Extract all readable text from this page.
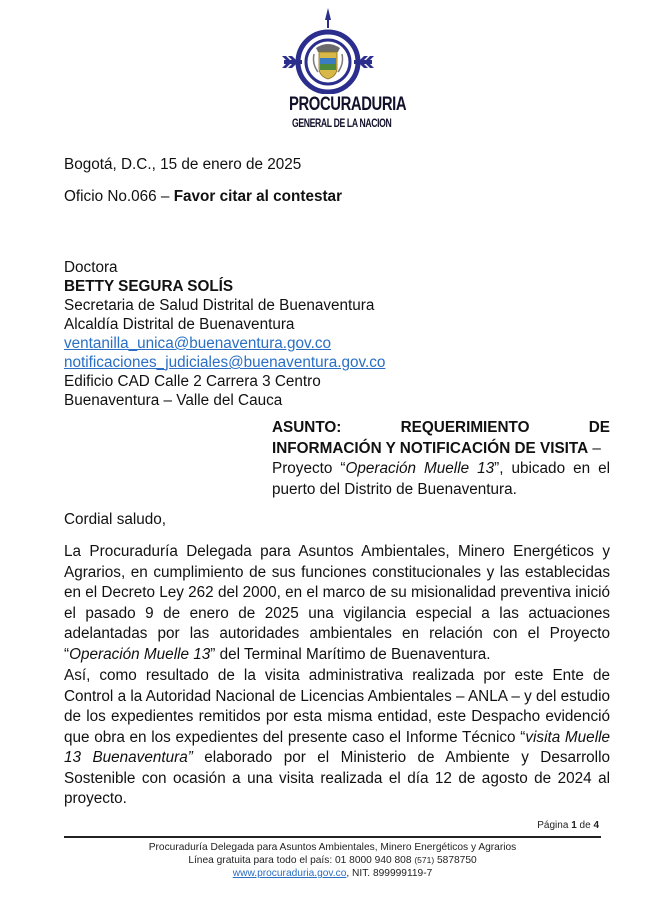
PROCURADURIA
GENERAL DE LA NACION
Bogotá, D.C., 15 de enero de 2025
Oficio No.066 – Favor citar al contestar
Doctora
BETTY SEGURA SOLÍS
Secretaria de Salud Distrital de Buenaventura
Alcaldía Distrital de Buenaventura
ventanilla_unica@buenaventura.gov.co
notificaciones_judiciales@buenaventura.gov.co
Edificio CAD Calle 2 Carrera 3 Centro
Buenaventura – Valle del Cauca
ASUNTO:	REQUERIMIENTO	DE
INFORMACIÓN Y NOTIFICACIÓN DE VISITA –
Proyecto “Operación Muelle 13”, ubicado en el puerto del Distrito de Buenaventura.
Cordial saludo,
La Procuraduría Delegada para Asuntos Ambientales, Minero Energéticos y Agrarios, en cumplimiento de sus funciones constitucionales y las establecidas en el Decreto Ley 262 del 2000, en el marco de su misionalidad preventiva inició el pasado 9 de enero de 2025 una vigilancia especial a las actuaciones adelantadas por las autoridades ambientales en relación con el Proyecto “Operación Muelle 13” del Terminal Marítimo de Buenaventura.
Así, como resultado de la visita administrativa realizada por este Ente de Control a la Autoridad Nacional de Licencias Ambientales – ANLA – y del estudio de los expedientes remitidos por esta misma entidad, este Despacho evidenció que obra en los expedientes del presente caso el Informe Técnico “visita Muelle 13 Buenaventura” elaborado por el Ministerio de Ambiente y Desarrollo Sostenible con ocasión a una visita realizada el día 12 de agosto de 2024 al proyecto.
Página 1 de 4
Procuraduría Delegada para Asuntos Ambientales, Minero Energéticos y Agrarios
Línea gratuita para todo el país: 01 8000 940 808 (571) 5878750
www.procuraduria.gov.co, NIT. 899999119-7
